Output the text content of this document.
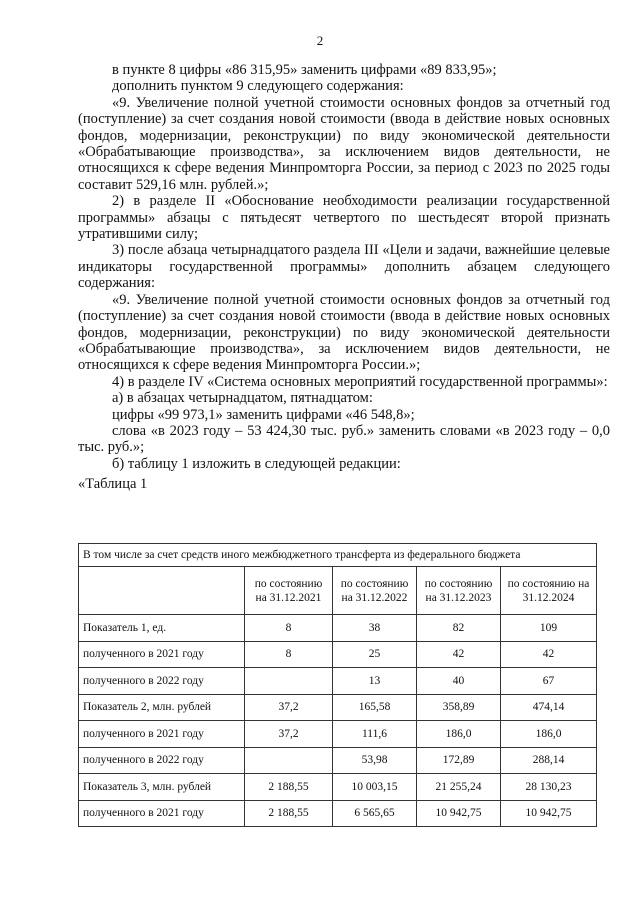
2

в пункте 8 цифры «86 315,95» заменить цифрами «89 833,95»;

дополнить пунктом 9 следующего содержания:

«9. Увеличение полной учетной стоимости основных фондов за отчетный год (поступление) за счет создания новой стоимости (ввода в действие новых основных фондов, модернизации, реконструкции) по виду экономической деятельности «Обрабатывающие производства», за исключением видов деятельности, не относящихся к сфере ведения Минпромторга России, за период с 2023 по 2025 годы составит 529,16 млн. рублей.»;

2) в разделе II «Обоснование необходимости реализации государственной программы» абзацы с пятьдесят четвертого по шестьдесят второй признать утратившими силу;

3) после абзаца четырнадцатого раздела III «Цели и задачи, важнейшие целевые индикаторы государственной программы» дополнить абзацем следующего содержания:

«9. Увеличение полной учетной стоимости основных фондов за отчетный год (поступление) за счет создания новой стоимости (ввода в действие новых основных фондов, модернизации, реконструкции) по виду экономической деятельности «Обрабатывающие производства», за исключением видов деятельности, не относящихся к сфере ведения Минпромторга России.»;

4) в разделе IV «Система основных мероприятий государственной программы»:

а) в абзацах четырнадцатом, пятнадцатом:

цифры «99 973,1» заменить цифрами «46 548,8»;

слова «в 2023 году – 53 424,30 тыс. руб.» заменить словами «в 2023 году – 0,0 тыс. руб.»;

б) таблицу 1 изложить в следующей редакции:

«Таблица 1

В том числе за счет средств иного межбюджетного трансферта из федерального бюджета				
	по состоянию на 31.12.2021	по состоянию на 31.12.2022	по состоянию на 31.12.2023	по состоянию на 31.12.2024
Показатель 1, ед.	8	38	82	109
полученного в 2021 году	8	25	42	42
полученного в 2022 году		13	40	67
Показатель 2, млн. рублей	37,2	165,58	358,89	474,14
полученного в 2021 году	37,2	111,6	186,0	186,0
полученного в 2022 году		53,98	172,89	288,14
Показатель 3, млн. рублей	2 188,55	10 003,15	21 255,24	28 130,23
полученного в 2021 году	2 188,55	6 565,65	10 942,75	10 942,75
